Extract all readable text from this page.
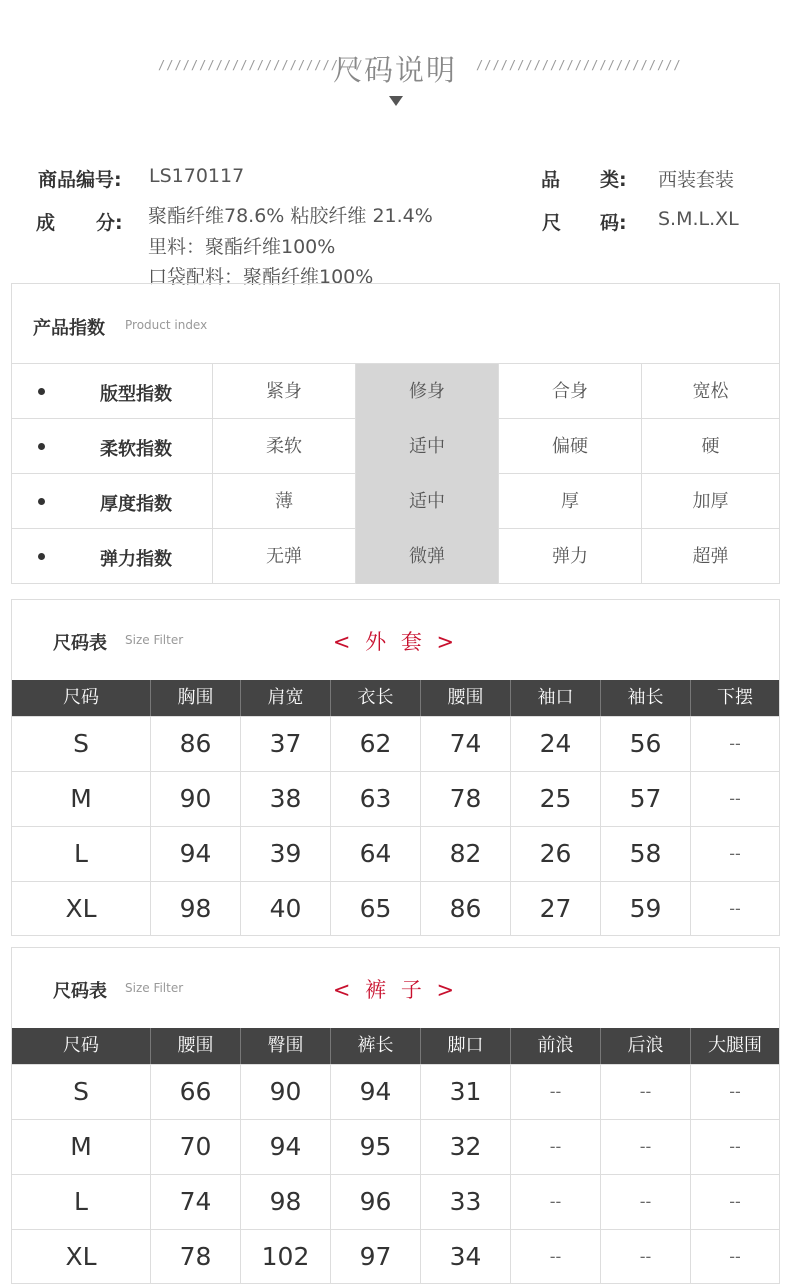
/////////////////////////
尺码说明	/////////////////////////
商品编号: LS170117	品 类: 西装套装
成 分: 聚酯纤维78.6% 粘胶纤维 21.4%
里料：聚酯纤维100%
口袋配料：聚酯纤维100%
尺 码: S.M.L.XL
产品指数 Product index
版型指数	紧身	修身	合身	宽松
柔软指数	柔软	适中	偏硬	硬
厚度指数	薄	适中	厚	加厚
弹力指数	无弹	微弹	弹力	超弹
尺码表 Size Filter	< 外 套 >
尺码	胸围	肩宽	衣长	腰围	袖口	袖长	下摆
S	86	37	62	74	24	56	--
M	90	38	63	78	25	57	--
L	94	39	64	82	26	58	--
XL	98	40	65	86	27	59	--
尺码表 Size Filter	< 裤 子 >
尺码	腰围	臀围	裤长	脚口	前浪	后浪	大腿围
S	66	90	94	31	--	--	--
M	70	94	95	32	--	--	--
L	74	98	96	33	--	--	--
XL	78	102	97	34	--	--	--
